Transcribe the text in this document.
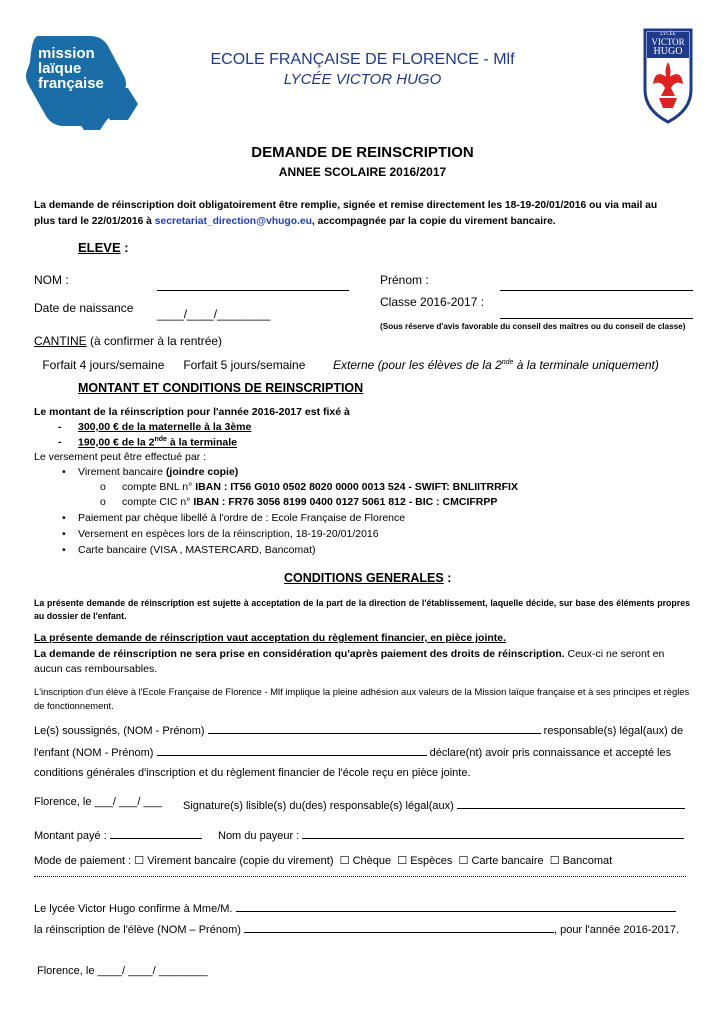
mission
laïque
française
LYCÉE
VICTOR
HUGO
ECOLE FRANÇAISE DE FLORENCE - Mlf
LYCÉE VICTOR HUGO
DEMANDE DE REINSCRIPTION
ANNEE SCOLAIRE 2016/2017
La demande de réinscription doit obligatoirement être remplie, signée et remise directement les 18-19-20/01/2016 ou via mail au
plus tard le 22/01/2016 à secretariat_direction@vhugo.eu, accompagnée par la copie du virement bancaire.
ELEVE :
NOM :	Prénom :
Date de naissance ____/____/________
Classe 2016-2017 :
(Sous réserve d'avis favorable du conseil des maîtres ou du conseil de classe)
CANTINE (à confirmer à la rentrée)
Forfait 4 jours/semaine	Forfait 5 jours/semaine	Externe (pour les élèves de la 2nde à la terminale uniquement)
MONTANT ET CONDITIONS DE REINSCRIPTION
Le montant de la réinscription pour l'année 2016-2017 est fixé à
- 300,00 € de la maternelle à la 3ème
- 190,00 € de la 2nde à la terminale
Le versement peut être effectué par :
• Virement bancaire (joindre copie)
o compte BNL n° IBAN : IT56 G010 0502 8020 0000 0013 524 - SWIFT: BNLIITRRFIX
o compte CIC n° IBAN : FR76 3056 8199 0400 0127 5061 812 - BIC : CMCIFRPP
• Paiement par chèque libellé à l'ordre de : Ecole Française de Florence
• Versement en espèces lors de la réinscription, 18-19-20/01/2016
• Carte bancaire (VISA , MASTERCARD, Bancomat)
CONDITIONS GENERALES :
La présente demande de réinscription est sujette à acceptation de la part de la direction de l'établissement, laquelle décide, sur base des éléments propres au dossier de l'enfant.
La présente demande de réinscription vaut acceptation du règlement financier, en pièce jointe.
La demande de réinscription ne sera prise en considération qu'après paiement des droits de réinscription. Ceux-ci ne seront en aucun cas remboursables.
L'inscription d'un élève à l'Ecole Française de Florence - Mlf implique la pleine adhésion aux valeurs de la Mission laïque française et à ses principes et règles de fonctionnement.
Le(s) soussignés, (NOM - Prénom)	responsable(s) légal(aux) de
l'enfant (NOM - Prénom)	déclare(nt) avoir pris connaissance et accepté les
conditions générales d'inscription et du règlement financier de l'école reçu en pièce jointe.
Florence, le ___/ ___/ ___ Signature(s) lisible(s) du(des) responsable(s) légal(aux)
Montant payé :	Nom du payeur :
Mode de paiement : ☐ Virement bancaire (copie du virement) ☐ Chèque ☐ Espèces ☐ Carte bancaire ☐ Bancomat
Le lycée Victor Hugo confirme à Mme/M.
la réinscription de l'élève (NOM – Prénom)	, pour l'année 2016-2017.
Florence, le ____/ ____/ ________
